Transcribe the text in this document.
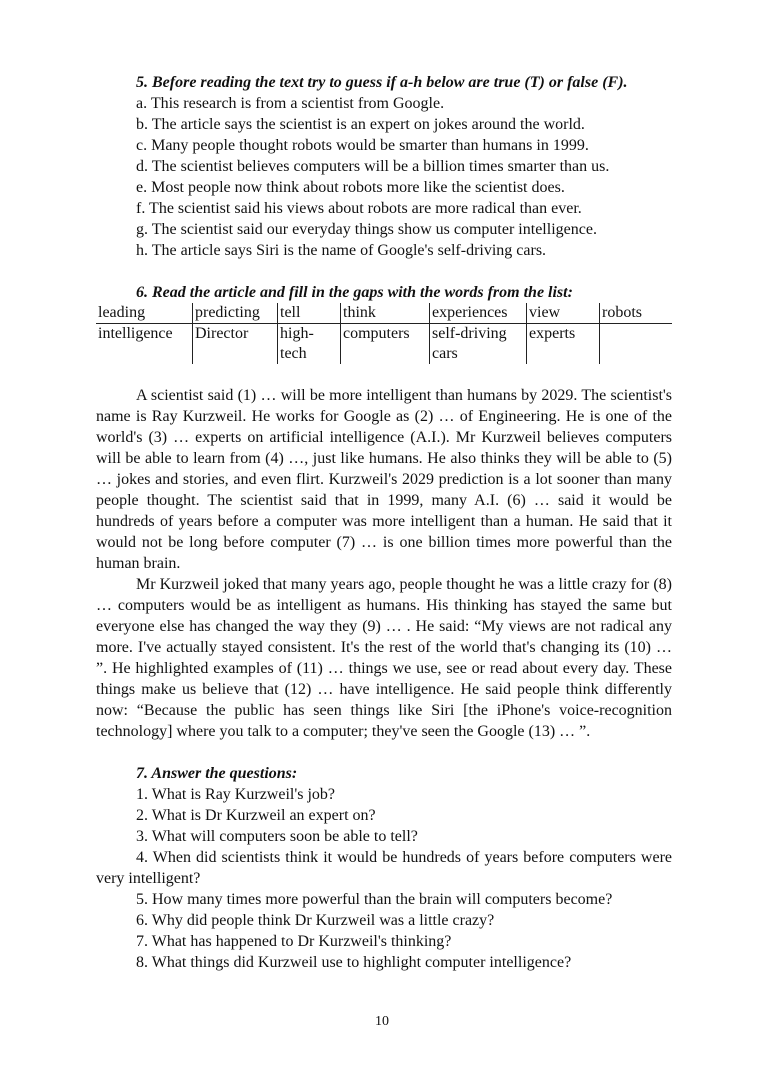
5. Before reading the text try to guess if a-h below are true (T) or false (F).

a. This research is from a scientist from Google.

b. The article says the scientist is an expert on jokes around the world.

c. Many people thought robots would be smarter than humans in 1999.

d. The scientist believes computers will be a billion times smarter than us.

e. Most people now think about robots more like the scientist does.

f. The scientist said his views about robots are more radical than ever.

g. The scientist said our everyday things show us computer intelligence.

h. The article says Siri is the name of Google's self-driving cars.

6. Read the article and fill in the gaps with the words from the list:

leading	predicting	tell	think	experiences	view	robots
intelligence	Director	high-tech	computers	self-driving cars	experts	

A scientist said (1) … will be more intelligent than humans by 2029. The scientist's name is Ray Kurzweil. He works for Google as (2) … of Engineering. He is one of the world's (3) … experts on artificial intelligence (A.I.). Mr Kurzweil believes computers will be able to learn from (4) …, just like humans. He also thinks they will be able to (5) … jokes and stories, and even flirt. Kurzweil's 2029 prediction is a lot sooner than many people thought. The scientist said that in 1999, many A.I. (6) … said it would be hundreds of years before a computer was more intelligent than a human. He said that it would not be long before computer (7) … is one billion times more powerful than the human brain.

Mr Kurzweil joked that many years ago, people thought he was a little crazy for (8) … computers would be as intelligent as humans. His thinking has stayed the same but everyone else has changed the way they (9) … . He said: “My views are not radical any more. I've actually stayed consistent. It's the rest of the world that's changing its (10) … ”. He highlighted examples of (11) … things we use, see or read about every day. These things make us believe that (12) … have intelligence. He said people think differently now: “Because the public has seen things like Siri [the iPhone's voice-recognition technology] where you talk to a computer; they've seen the Google (13) … ”.

7. Answer the questions:

1. What is Ray Kurzweil's job?

2. What is Dr Kurzweil an expert on?

3. What will computers soon be able to tell?

4. When did scientists think it would be hundreds of years before computers were very intelligent?

5. How many times more powerful than the brain will computers become?

6. Why did people think Dr Kurzweil was a little crazy?

7. What has happened to Dr Kurzweil's thinking?

8. What things did Kurzweil use to highlight computer intelligence?

10
